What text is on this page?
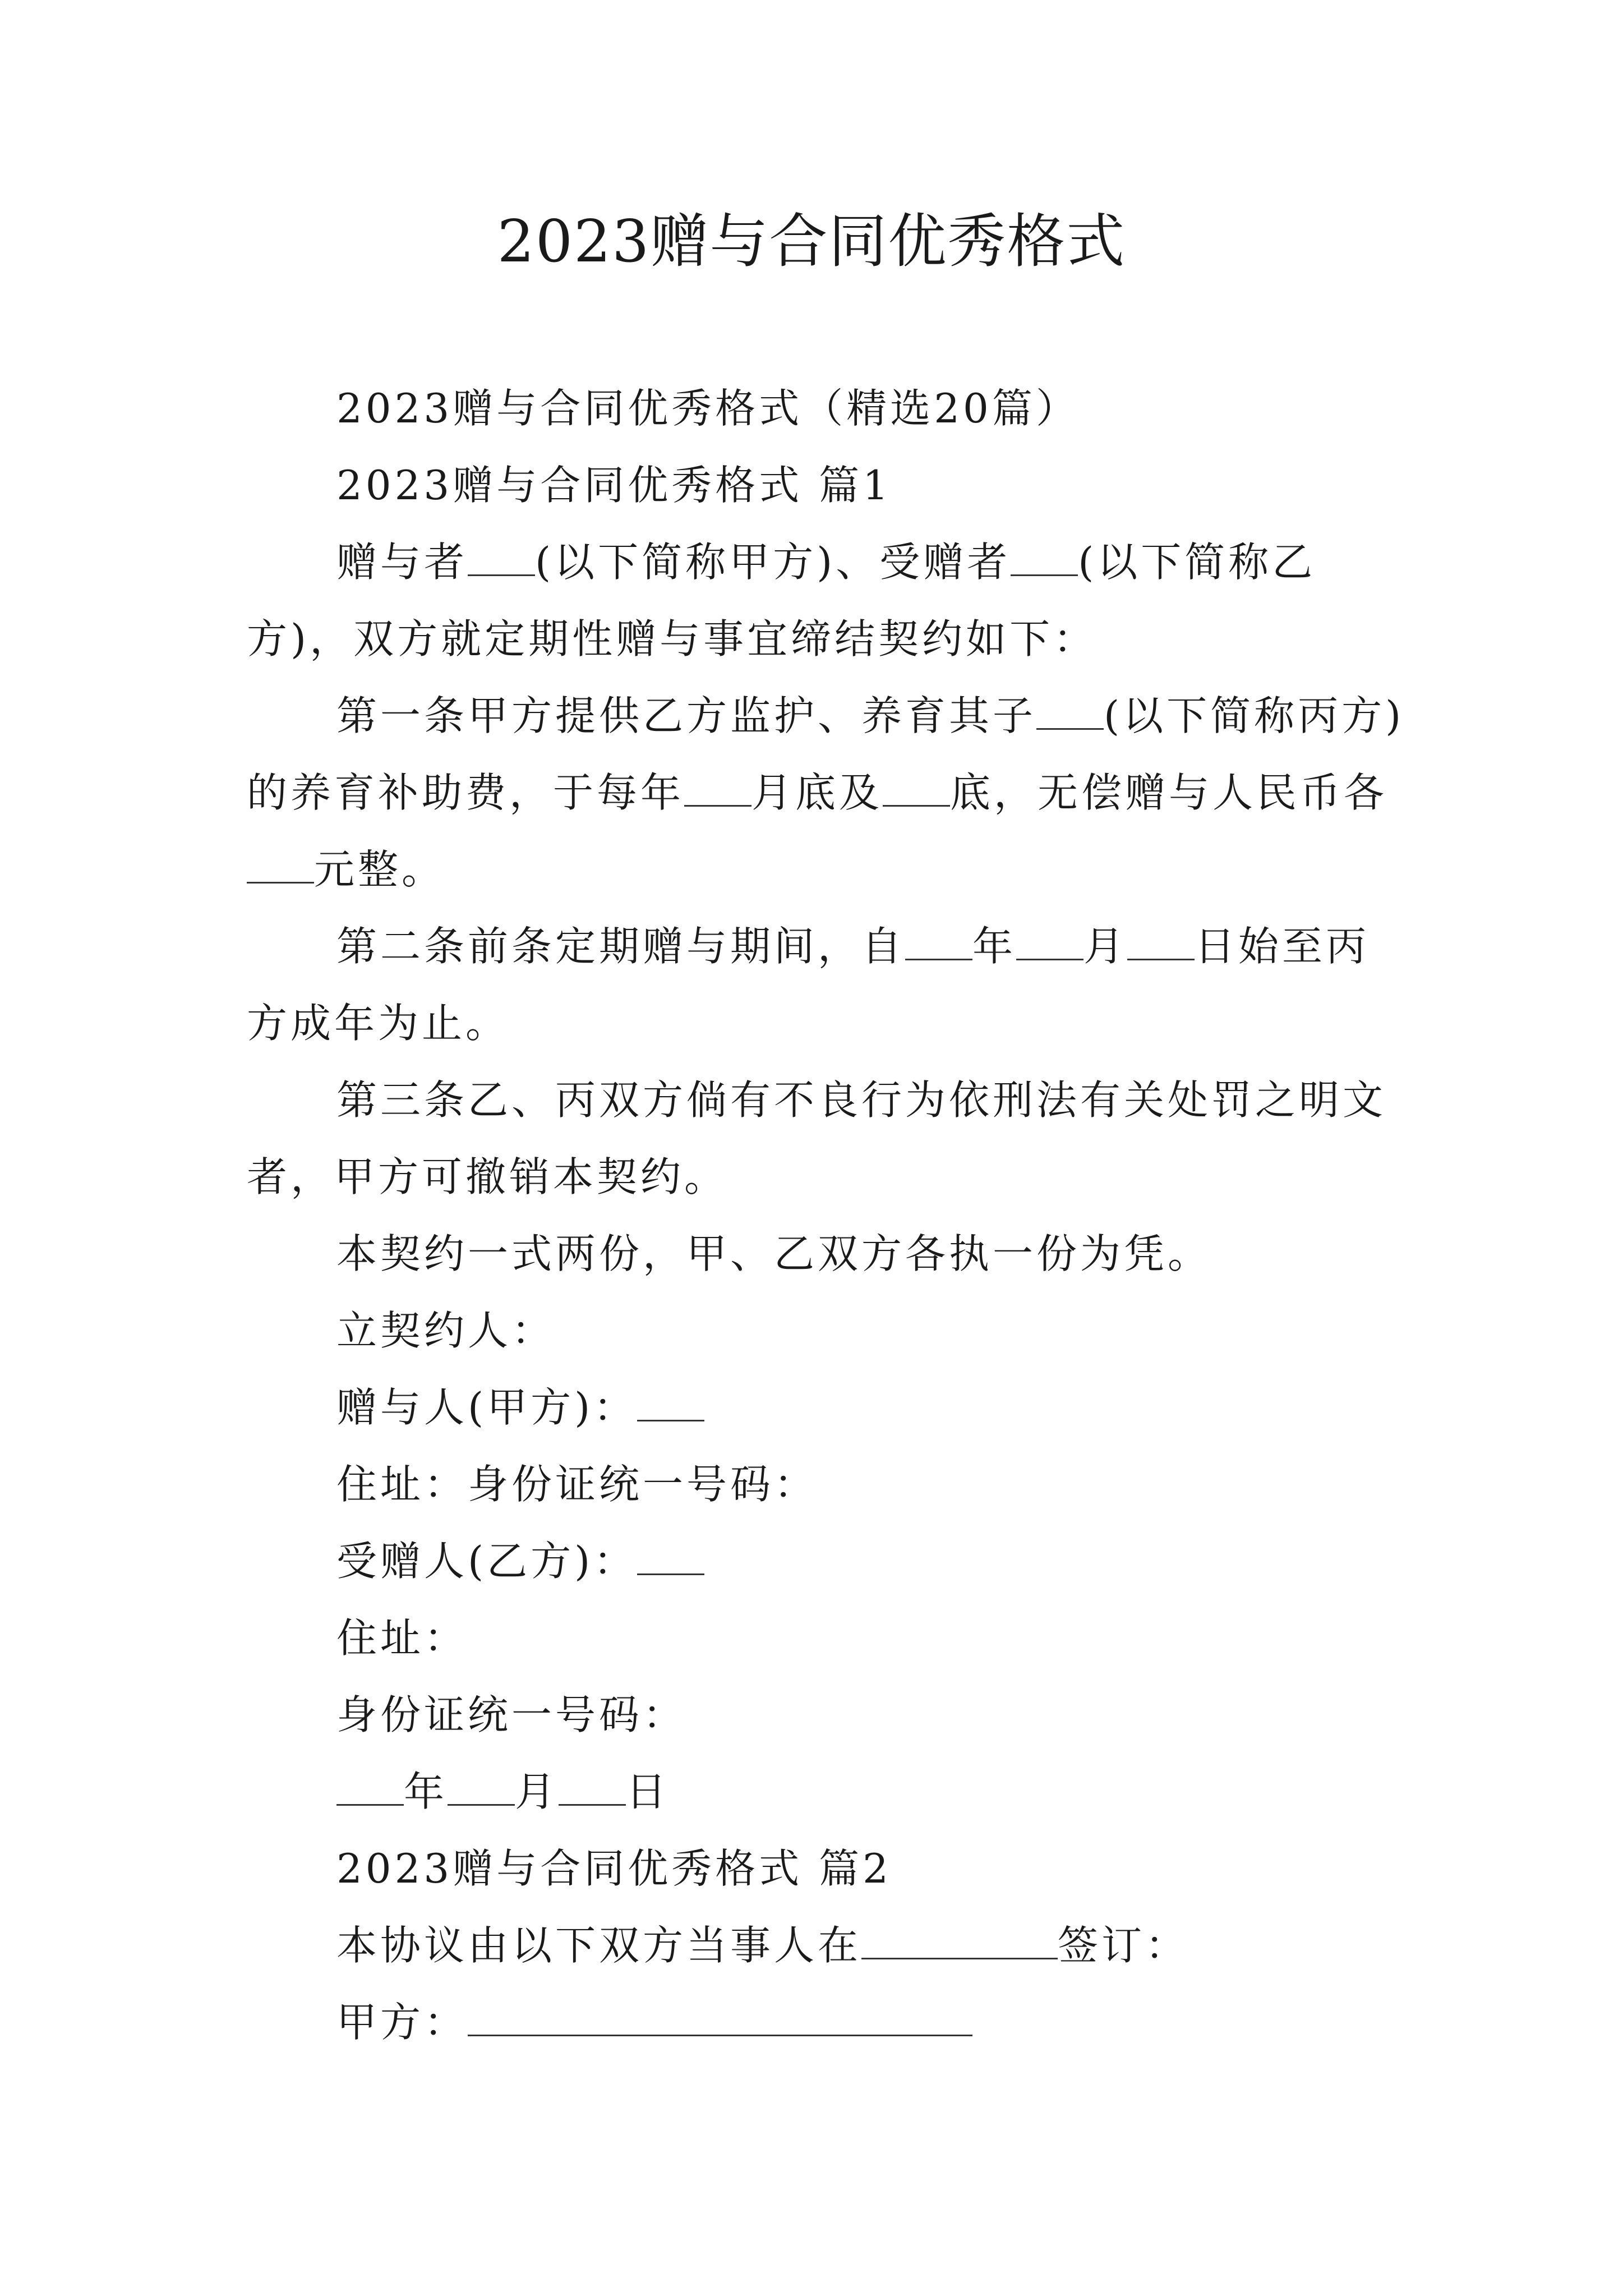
2023赠与合同优秀格式

2023赠与合同优秀格式（精选20篇）

2023赠与合同优秀格式 篇1

赠与者 (以下简称甲方)、受赠者 (以下简称乙方)，双方就定期性赠与事宜缔结契约如下：

第一条甲方提供乙方监护、养育其子 (以下简称丙方)的养育补助费，于每年 月底及 底，无偿赠与人民币各元整。

第二条前条定期赠与期间，自 年 月 日始至丙方成年为止。

第三条乙、丙双方倘有不良行为依刑法有关处罚之明文者，甲方可撤销本契约。

本契约一式两份，甲、乙双方各执一份为凭。

立契约人：

赠与人(甲方)：

住址：身份证统一号码：

受赠人(乙方)：

住址：

身份证统一号码：

年 月 日

2023赠与合同优秀格式 篇2

本协议由以下双方当事人在	签订：

甲方：
